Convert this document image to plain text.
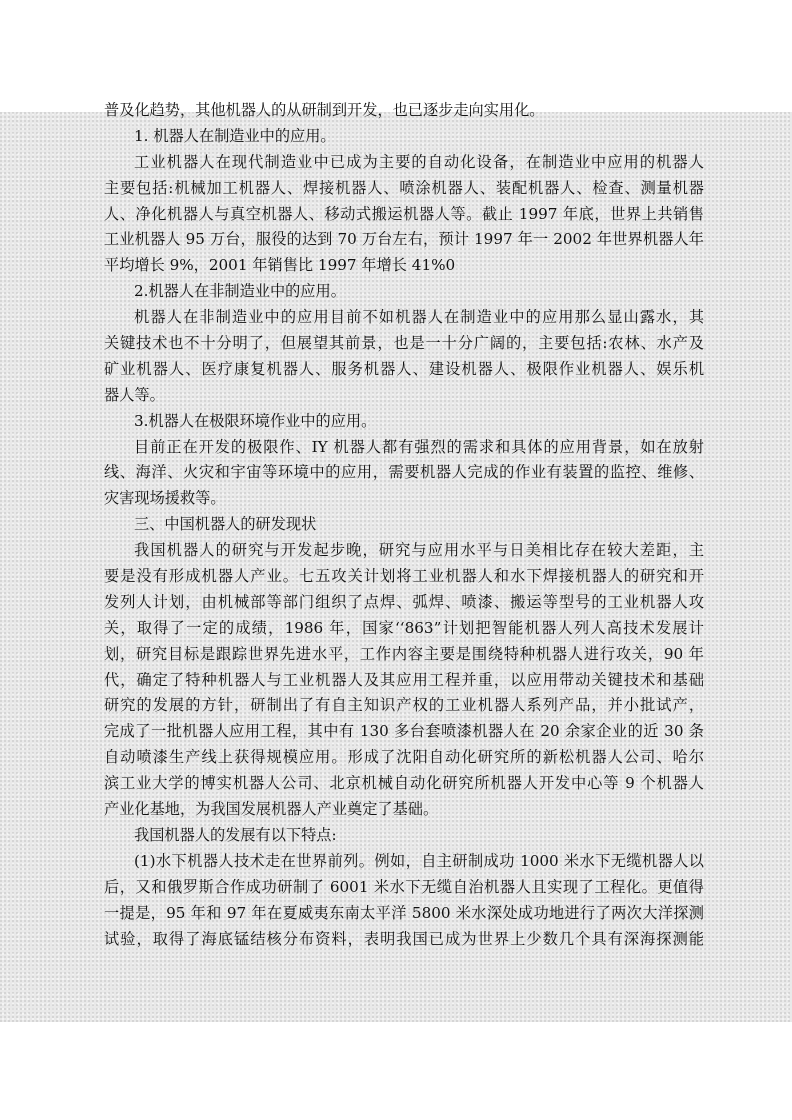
普及化趋势，其他机器人的从研制到开发，也已逐步走向实用化。
1. 机器人在制造业中的应用。
工业机器人在现代制造业中已成为主要的自动化设备，在制造业中应用的机器人
主要包括:机械加工机器人、焊接机器人、喷涂机器人、装配机器人、检查、测量机器
人、净化机器人与真空机器人、移动式搬运机器人等。截止 1997 年底，世界上共销售
工业机器人 95 万台，服役的达到 70 万台左右，预计 1997 年一 2002 年世界机器人年
平均增长 9%，2001 年销售比 1997 年增长 41%0
2.机器人在非制造业中的应用。
机器人在非制造业中的应用目前不如机器人在制造业中的应用那么显山露水，其
关键技术也不十分明了，但展望其前景，也是一十分广阔的，主要包括:农林、水产及
矿业机器人、医疗康复机器人、服务机器人、建设机器人、极限作业机器人、娱乐机
器人等。
3.机器人在极限环境作业中的应用。
目前正在开发的极限作、IY 机器人都有强烈的需求和具体的应用背景，如在放射
线、海洋、火灾和宇宙等环境中的应用，需要机器人完成的作业有装置的监控、维修、
灾害现场援救等。
三、中国机器人的研发现状
我国机器人的研究与开发起步晚，研究与应用水平与日美相比存在较大差距，主
要是没有形成机器人产业。七五攻关计划将工业机器人和水下焊接机器人的研究和开
发列人计划，由机械部等部门组织了点焊、弧焊、喷漆、搬运等型号的工业机器人攻
关，取得了一定的成绩，1986 年，国家‘‘863”计划把智能机器人列人高技术发展计
划，研究目标是跟踪世界先进水平，工作内容主要是围绕特种机器人进行攻关，90 年
代，确定了特种机器人与工业机器人及其应用工程并重，以应用带动关键技术和基础
研究的发展的方针，研制出了有自主知识产权的工业机器人系列产品，并小批试产，
完成了一批机器人应用工程，其中有 130 多台套喷漆机器人在 20 余家企业的近 30 条
自动喷漆生产线上获得规模应用。形成了沈阳自动化研究所的新松机器人公司、哈尔
滨工业大学的博实机器人公司、北京机械自动化研究所机器人开发中心等 9 个机器人
产业化基地，为我国发展机器人产业奠定了基础。
我国机器人的发展有以下特点:
(1)水下机器人技术走在世界前列。例如，自主研制成功 1000 米水下无缆机器人以
后，又和俄罗斯合作成功研制了 6001 米水下无缆自治机器人且实现了工程化。更值得
一提是，95 年和 97 年在夏威夷东南太平洋 5800 米水深处成功地进行了两次大洋探测
试验，取得了海底锰结核分布资料，表明我国已成为世界上少数几个具有深海探测能
